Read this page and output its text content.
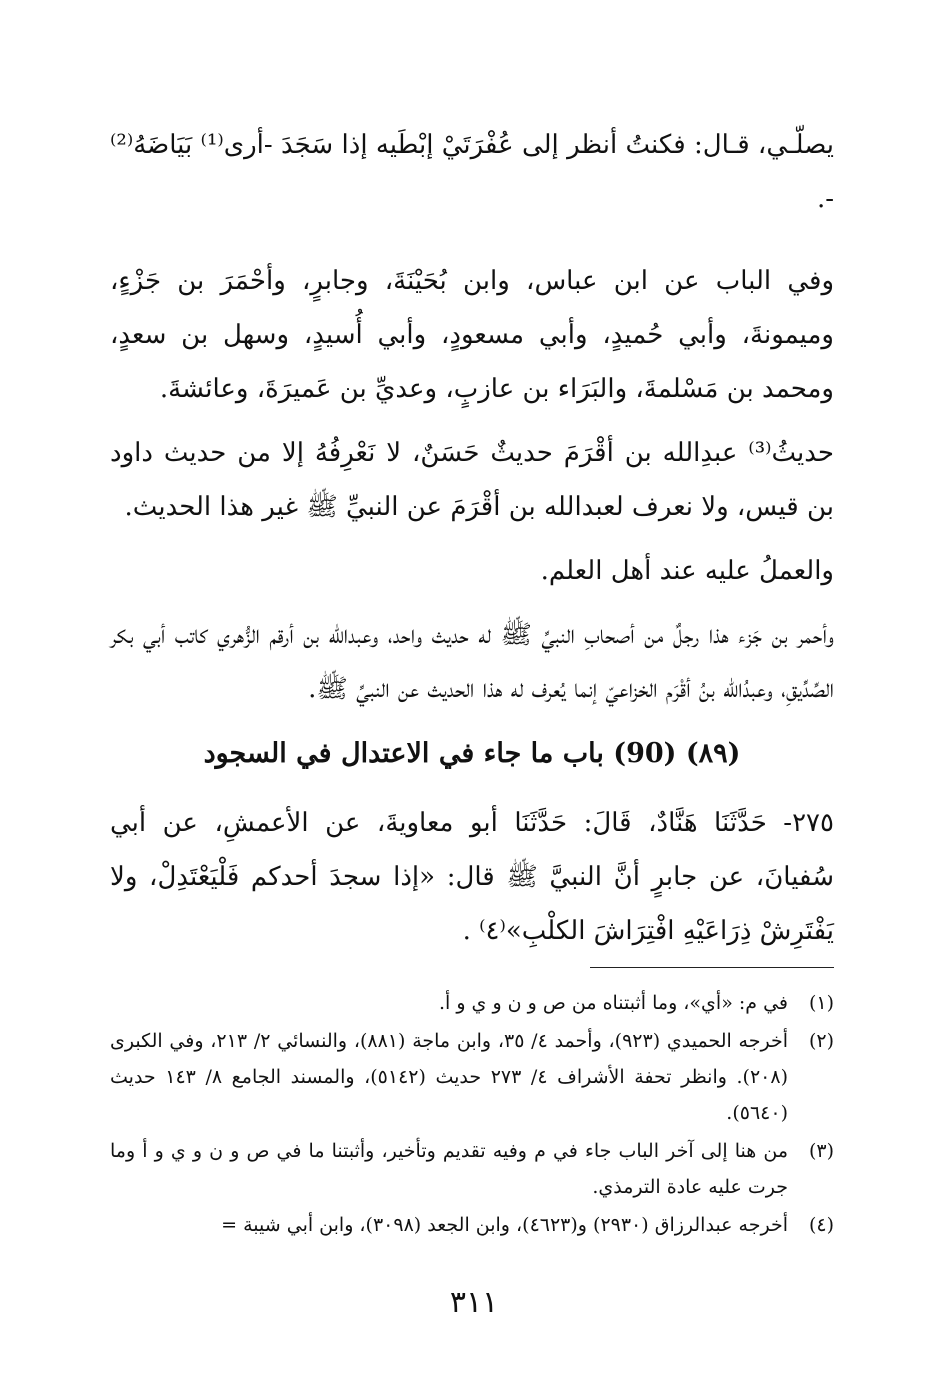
يصلّـي، قـال: فكنتُ أنظر إلى عُفْرَتَيْ إبْطَيه إذا سَجَدَ -أرى⁽¹⁾ بَيَاضَهُ⁽²⁾ -.

وفي الباب عن ابن عباس، وابن بُحَيْنَةَ، وجابرٍ، وأحْمَرَ بن جَزْءٍ، وميمونةَ، وأبي حُميدٍ، وأبي مسعودٍ، وأبي أُسيدٍ، وسهل بن سعدٍ، ومحمد بن مَسْلمةَ، والبَرَاء بن عازبٍ، وعديِّ بن عَميرَةَ، وعائشةَ.

حديثُ⁽³⁾ عبدِالله بن أقْرَمَ حديثٌ حَسَنٌ، لا نَعْرِفُهُ إلا من حديث داود بن قيس، ولا نعرف لعبدالله بن أقْرَمَ عن النبيِّ ﷺ غير هذا الحديث.

والعملُ عليه عند أهل العلم.

وأحمر بن جَزء هذا رجلٌ من أصحابِ النبيِّ ﷺ له حديث واحد، وعبدالله بن أرقم الزُّهري كاتب أبي بكر الصِّدِّيقِ، وعبدُالله بنُ أقْرَم الخزاعيّ إنما يُعرف له هذا الحديث عن النبيِّ ﷺ.

(٨٩) (90) باب ما جاء في الاعتدال في السجود

٢٧٥- حَدَّثَنَا هَنَّادٌ، قَالَ: حَدَّثَنَا أبو معاويةَ، عن الأعمشِ، عن أبي سُفيانَ، عن جابرٍ أنَّ النبيَّ ﷺ قال: «إذا سجدَ أحدكم فَلْيَعْتَدِلْ، ولا يَفْتَرِشْ ذِرَاعَيْهِ افْتِرَاشَ الكلْبِ»⁽٤⁾ .

(١)
في م: «أي»، وما أثبتناه من ص و ن و ي و أ.
(٢)
أخرجه الحميدي (٩٢٣)، وأحمد ٤/ ٣٥، وابن ماجة (٨٨١)، والنسائي ٢/ ٢١٣، وفي الكبرى (٢٠٨). وانظر تحفة الأشراف ٤/ ٢٧٣ حديث (٥١٤٢)، والمسند الجامع ٨/ ١٤٣ حديث (٥٦٤٠).
(٣)
من هنا إلى آخر الباب جاء في م وفيه تقديم وتأخير، وأثبتنا ما في ص و ن و ي و أ وما جرت عليه عادة الترمذي.
(٤)
أخرجه عبدالرزاق (٢٩٣٠) و(٤٦٢٣)، وابن الجعد (٣٠٩٨)، وابن أبي شيبة =
٣١١
